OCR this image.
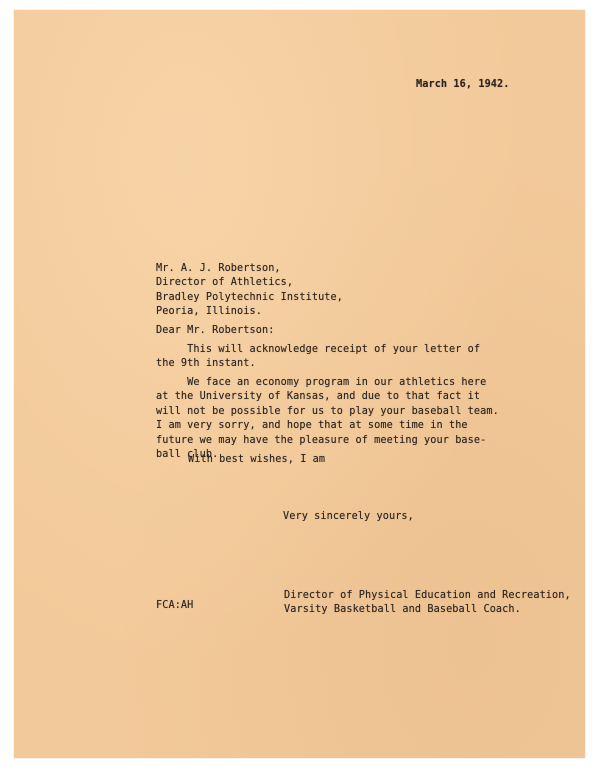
March 16, 1942.
Mr. A. J. Robertson,
Director of Athletics,
Bradley Polytechnic Institute,
Peoria, Illinois.
Dear Mr. Robertson:
This will acknowledge receipt of your letter of
the 9th instant.
We face an economy program in our athletics here
at the University of Kansas, and due to that fact it
will not be possible for us to play your baseball team.
I am very sorry, and hope that at some time in the
future we may have the pleasure of meeting your base-
ball club.
With best wishes, I am
Very sincerely yours,
FCA:AH
Director of Physical Education and Recreation,
Varsity Basketball and Baseball Coach.
